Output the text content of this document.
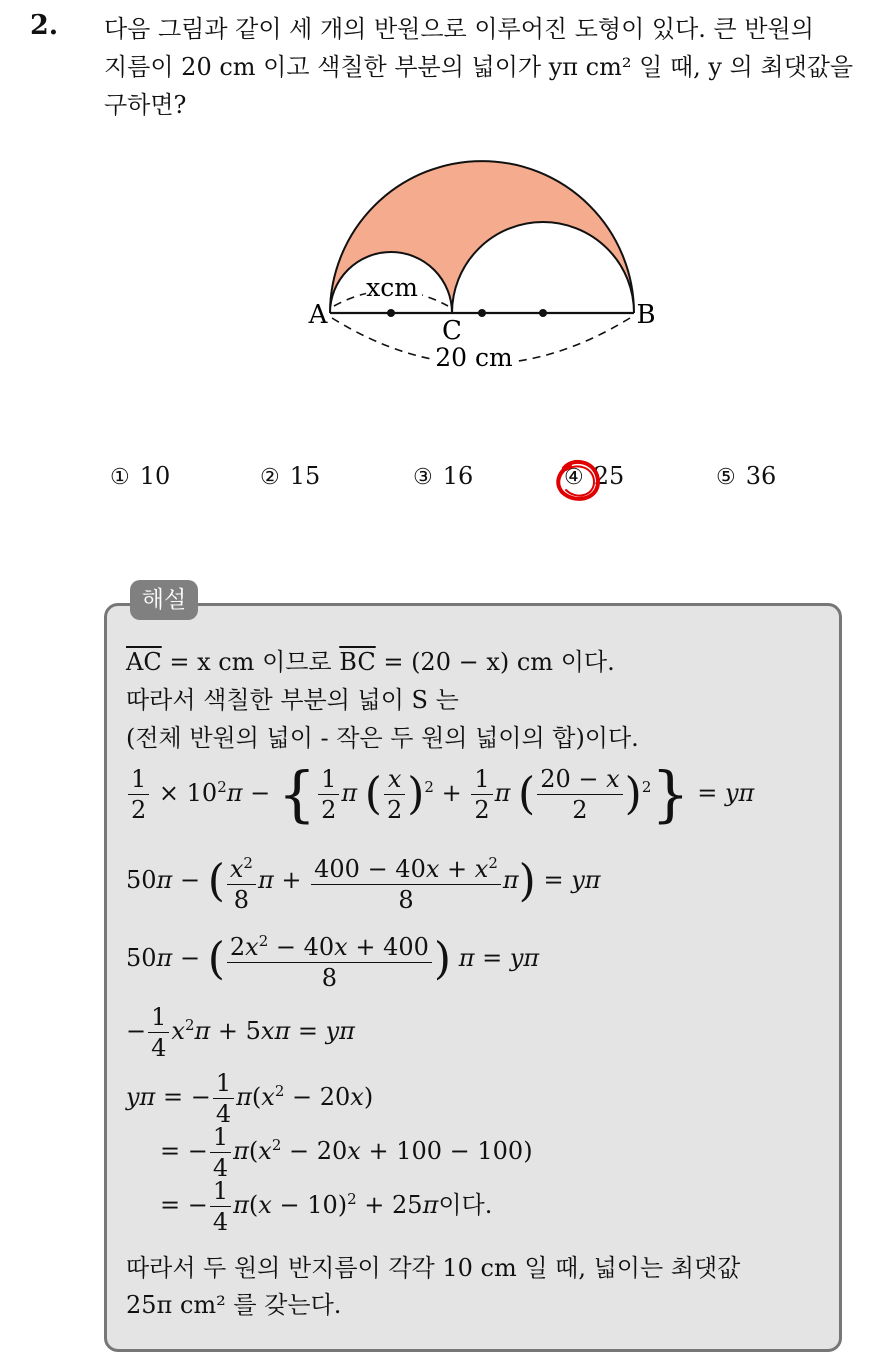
2. 다음 그림과 같이 세 개의 반원으로 이루어진 도형이 있다. 큰 반원의
지름이 20 cm 이고 색칠한 부분의 넓이가 yπ cm² 일 때, y 의 최댓값을
구하면?
xcm
20 cm
A	B
C
① 10	② 15	③ 16	④ 25	⑤ 36
해설
$\overline{AC} = x$ cm 이므로 $\overline{BC} = (20 - x)$ cm 이다.
따라서 색칠한 부분의 넓이 S 는
(전체 반원의 넓이 - 작은 두 원의 넓이의 합)이다.
$\frac{1}{2} \times 10^2\pi$ − { $\frac{1}{2}$ π ( $\frac{x}{2} )^2 + \frac{1}{2}$ π ( $\frac{20 - x}{2} )^2\} = y\pi$
50π − ( $\frac{x^2}{8}$ $\pi + \frac{400 - 40x + x^2}{8} \pi) = y\pi$
50π − ( $\frac{2x^2 - 40x + 400}{8}$ ) π = yπ
− $\frac{1}{4} x^2\pi + 5x\pi = y\pi$
yπ = − $\frac{1}{4} \pi(x^2 - 20x)$
= − $\frac{1}{4} \pi(x^2 - 20x + 100 - 100)$
= − $\frac{1}{4} \pi(x - 10)^2 + 25\pi$이다.
따라서 두 원의 반지름이 각각 10 cm 일 때, 넓이는 최댓값
25π cm² 를 갖는다.
